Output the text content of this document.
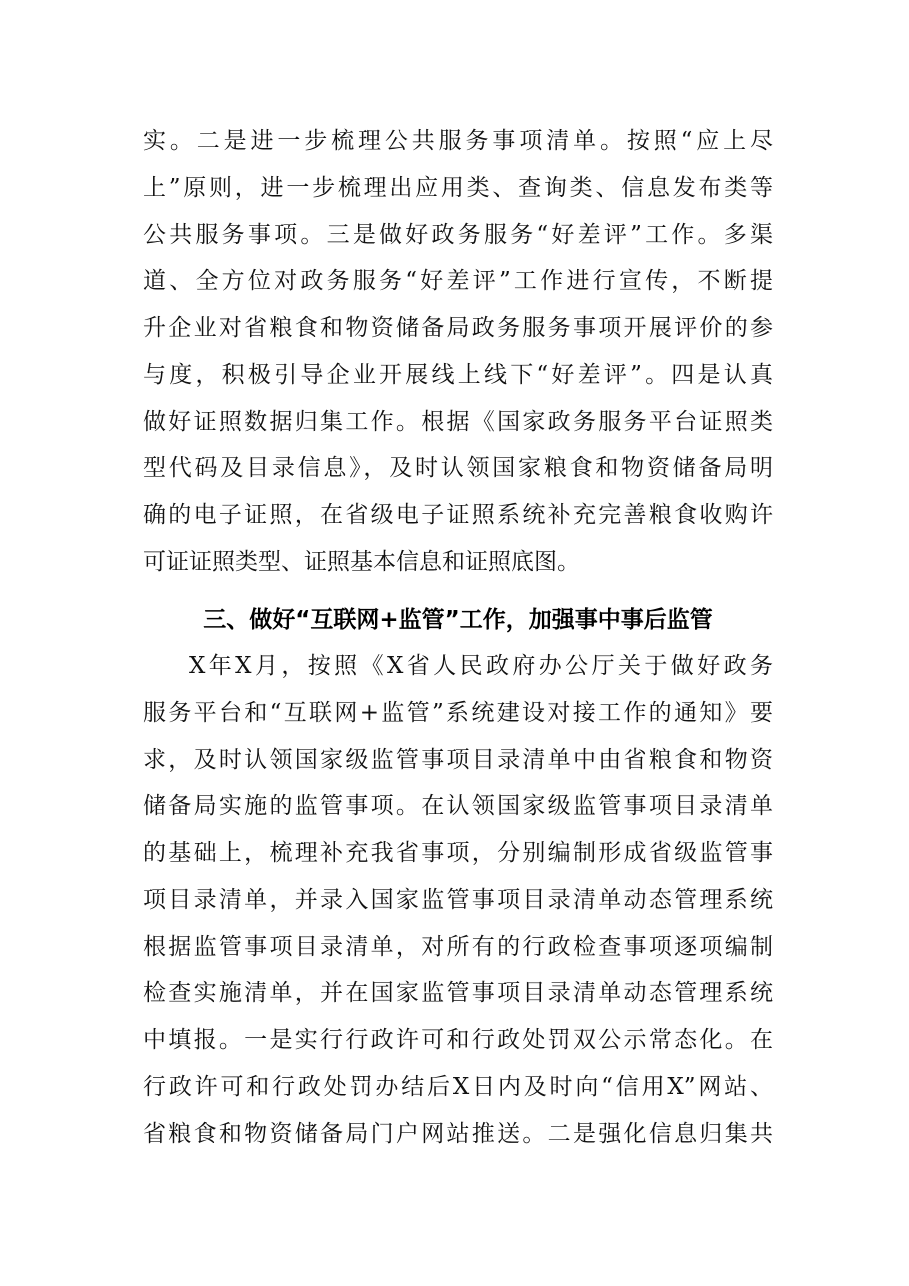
实。二是进一步梳理公共服务事项清单。按照“应上尽
上”原则，进一步梳理出应用类、查询类、信息发布类等
公共服务事项。三是做好政务服务“好差评”工作。多渠
道、全方位对政务服务“好差评”工作进行宣传，不断提
升企业对省粮食和物资储备局政务服务事项开展评价的参
与度，积极引导企业开展线上线下“好差评”。四是认真
做好证照数据归集工作。根据《国家政务服务平台证照类
型代码及目录信息》，及时认领国家粮食和物资储备局明
确的电子证照，在省级电子证照系统补充完善粮食收购许
可证证照类型、证照基本信息和证照底图。
三、做好“互联网+监管”工作，加强事中事后监管
X年X月，按照《X省人民政府办公厅关于做好政务
服务平台和“互联网+监管”系统建设对接工作的通知》要
求，及时认领国家级监管事项目录清单中由省粮食和物资
储备局实施的监管事项。在认领国家级监管事项目录清单
的基础上，梳理补充我省事项，分别编制形成省级监管事
项目录清单，并录入国家监管事项目录清单动态管理系统
根据监管事项目录清单，对所有的行政检查事项逐项编制
检查实施清单，并在国家监管事项目录清单动态管理系统
中填报。一是实行行政许可和行政处罚双公示常态化。在
行政许可和行政处罚办结后X日内及时向“信用X”网站、
省粮食和物资储备局门户网站推送。二是强化信息归集共
